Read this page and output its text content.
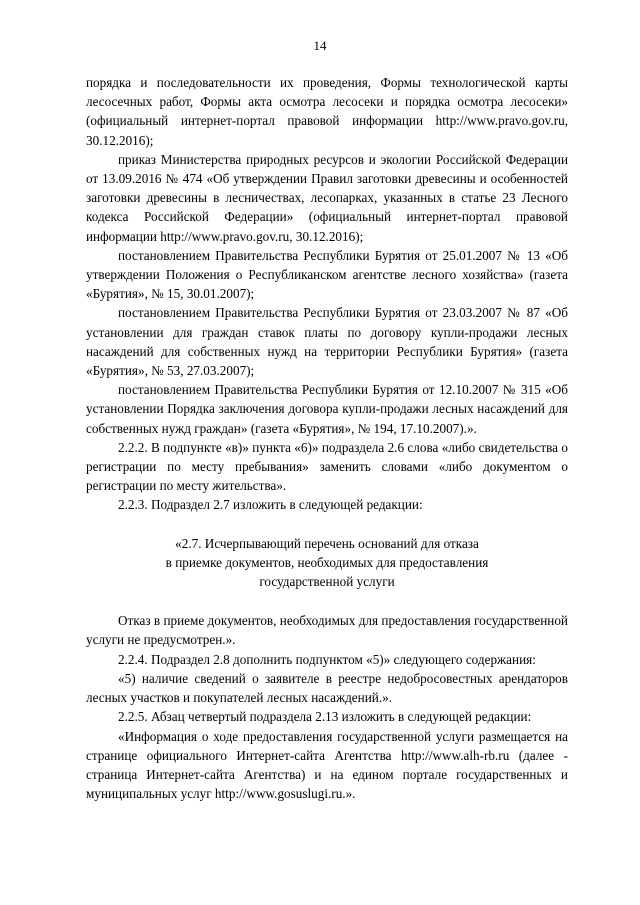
14

порядка и последовательности их проведения, Формы технологической карты лесосечных работ, Формы акта осмотра лесосеки и порядка осмотра лесосеки» (официальный интернет-портал правовой информации http://www.pravo.gov.ru, 30.12.2016);

приказ Министерства природных ресурсов и экологии Российской Федерации от 13.09.2016 № 474 «Об утверждении Правил заготовки древесины и особенностей заготовки древесины в лесничествах, лесопарках, указанных в статье 23 Лесного кодекса Российской Федерации» (официальный интернет-портал правовой информации http://www.pravo.gov.ru, 30.12.2016);

постановлением Правительства Республики Бурятия от 25.01.2007 № 13 «Об утверждении Положения о Республиканском агентстве лесного хозяйства» (газета «Бурятия», № 15, 30.01.2007);

постановлением Правительства Республики Бурятия от 23.03.2007 № 87 «Об установлении для граждан ставок платы по договору купли-продажи лесных насаждений для собственных нужд на территории Республики Бурятия» (газета «Бурятия», № 53, 27.03.2007);

постановлением Правительства Республики Бурятия от 12.10.2007 № 315 «Об установлении Порядка заключения договора купли-продажи лесных насаждений для собственных нужд граждан» (газета «Бурятия», № 194, 17.10.2007).».

2.2.2. В подпункте «в)» пункта «6)» подраздела 2.6 слова «либо свидетельства о регистрации по месту пребывания» заменить словами «либо документом о регистрации по месту жительства».

2.2.3. Подраздел 2.7 изложить в следующей редакции:

«2.7. Исчерпывающий перечень оснований для отказа
в приемке документов, необходимых для предоставления
государственной услуги

Отказ в приеме документов, необходимых для предоставления государственной услуги не предусмотрен.».

2.2.4. Подраздел 2.8 дополнить подпунктом «5)» следующего содержания:

«5) наличие сведений о заявителе в реестре недобросовестных арендаторов лесных участков и покупателей лесных насаждений.».

2.2.5. Абзац четвертый подраздела 2.13 изложить в следующей редакции:

«Информация о ходе предоставления государственной услуги размещается на странице официального Интернет-сайта Агентства http://www.alh-rb.ru (далее - страница Интернет-сайта Агентства) и на едином портале государственных и муниципальных услуг http://www.gosuslugi.ru.».
